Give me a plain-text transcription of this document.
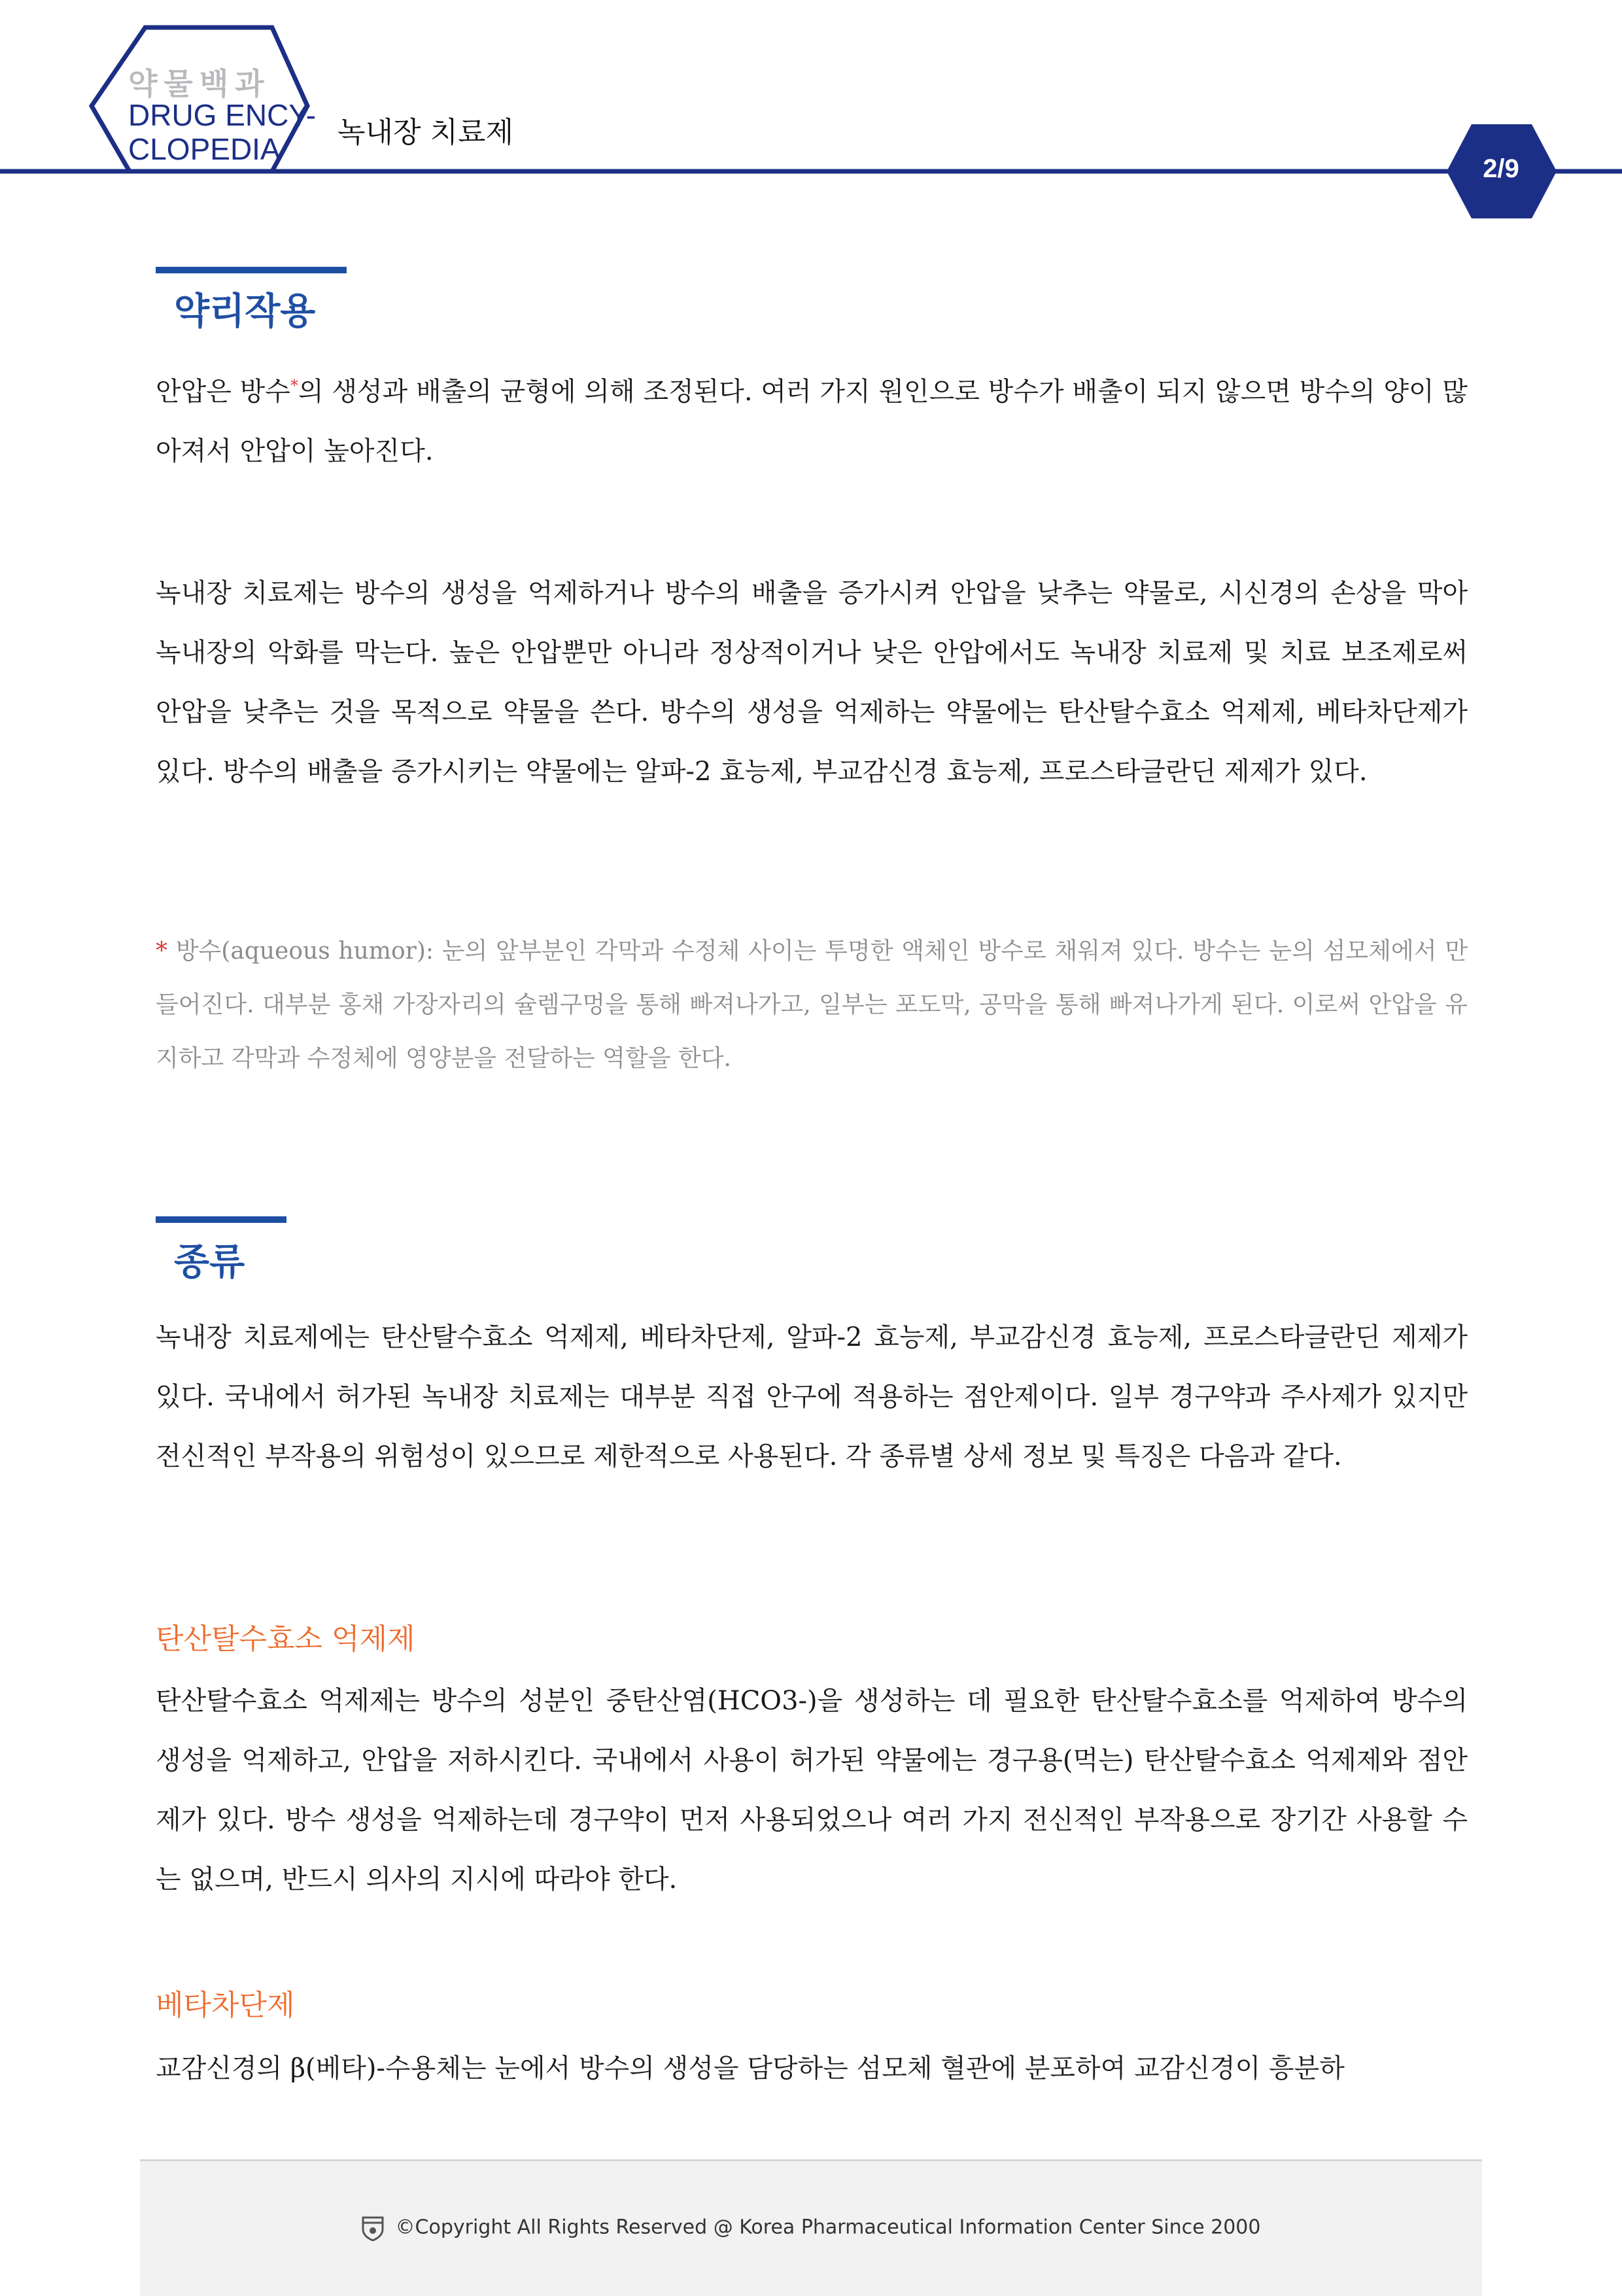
약물백과
DRUG ENCY-
CLOPEDIA	녹내장 치료제
2/9
약리작용

안압은 방수*의 생성과 배출의 균형에 의해 조정된다. 여러 가지 원인으로 방수가 배출이 되지 않으면 방수의 양이 많아져서 안압이 높아진다.

녹내장 치료제는 방수의 생성을 억제하거나 방수의 배출을 증가시켜 안압을 낮추는 약물로, 시신경의 손상을 막아 녹내장의 악화를 막는다. 높은 안압뿐만 아니라 정상적이거나 낮은 안압에서도 녹내장 치료제 및 치료 보조제로써 안압을 낮추는 것을 목적으로 약물을 쓴다. 방수의 생성을 억제하는 약물에는 탄산탈수효소 억제제, 베타차단제가 있다. 방수의 배출을 증가시키는 약물에는 알파-2 효능제, 부교감신경 효능제, 프로스타글란딘 제제가 있다.

* 방수(aqueous humor): 눈의 앞부분인 각막과 수정체 사이는 투명한 액체인 방수로 채워져 있다. 방수는 눈의 섬모체에서 만들어진다. 대부분 홍채 가장자리의 슐렘구멍을 통해 빠져나가고, 일부는 포도막, 공막을 통해 빠져나가게 된다. 이로써 안압을 유지하고 각막과 수정체에 영양분을 전달하는 역할을 한다.

종류

녹내장 치료제에는 탄산탈수효소 억제제, 베타차단제, 알파-2 효능제, 부교감신경 효능제, 프로스타글란딘 제제가 있다. 국내에서 허가된 녹내장 치료제는 대부분 직접 안구에 적용하는 점안제이다. 일부 경구약과 주사제가 있지만 전신적인 부작용의 위험성이 있으므로 제한적으로 사용된다. 각 종류별 상세 정보 및 특징은 다음과 같다.

탄산탈수효소 억제제

탄산탈수효소 억제제는 방수의 성분인 중탄산염(HCO3-)을 생성하는 데 필요한 탄산탈수효소를 억제하여 방수의 생성을 억제하고, 안압을 저하시킨다. 국내에서 사용이 허가된 약물에는 경구용(먹는) 탄산탈수효소 억제제와 점안제가 있다. 방수 생성을 억제하는데 경구약이 먼저 사용되었으나 여러 가지 전신적인 부작용으로 장기간 사용할 수는 없으며, 반드시 의사의 지시에 따라야 한다.

베타차단제

교감신경의 β(베타)-수용체는 눈에서 방수의 생성을 담당하는 섬모체 혈관에 분포하여 교감신경이 흥분하

©Copyright All Rights Reserved @ Korea Pharmaceutical Information Center Since 2000
